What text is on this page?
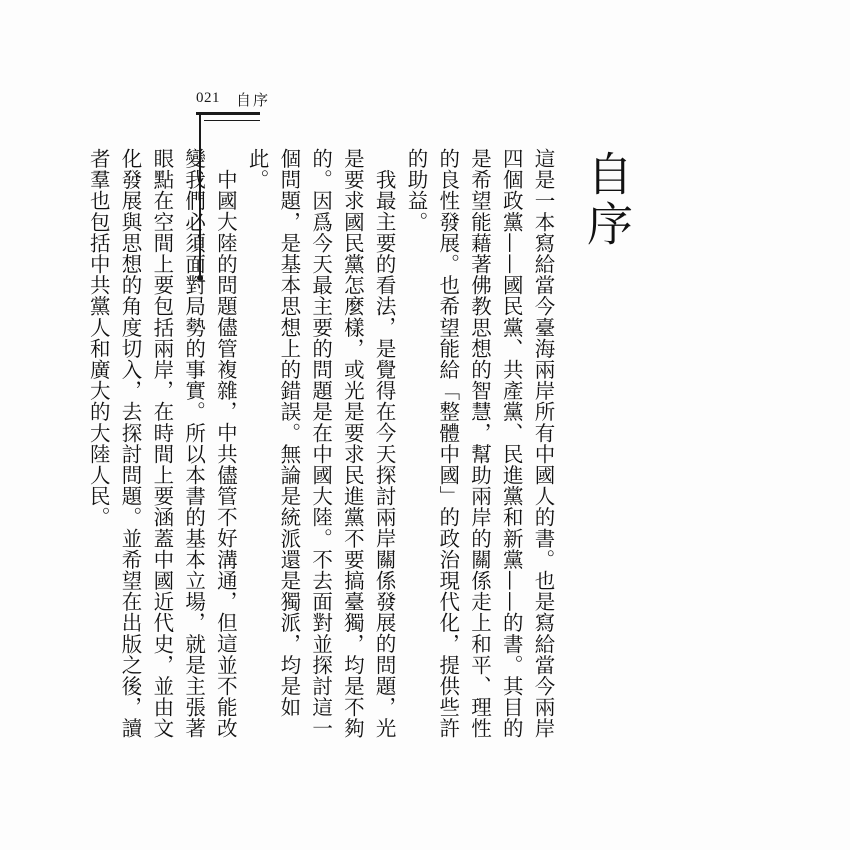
021 自序
自序

這是一本寫給當今臺海兩岸所有中國人的書。也是寫給當今兩岸四個政黨——國民黨、共產黨、民進黨和新黨——的書。其目的是希望能藉著佛教思想的智慧，幫助兩岸的關係走上和平、理性的良性發展。也希望能給「整體中國」的政治現代化，提供些許的助益。

我最主要的看法，是覺得在今天探討兩岸關係發展的問題，光是要求國民黨怎麼樣，或光是要求民進黨不要搞臺獨，均是不夠的。因爲今天最主要的問題是在中國大陸。不去面對並探討這一個問題，是基本思想上的錯誤。無論是統派還是獨派，均是如此。

中國大陸的問題儘管複雜，中共儘管不好溝通，但這並不能改變我們必須面對局勢的事實。所以本書的基本立場，就是主張著眼點在空間上要包括兩岸，在時間上要涵蓋中國近代史，並由文化發展與思想的角度切入，去探討問題。並希望在出版之後，讀者羣也包括中共黨人和廣大的大陸人民。
